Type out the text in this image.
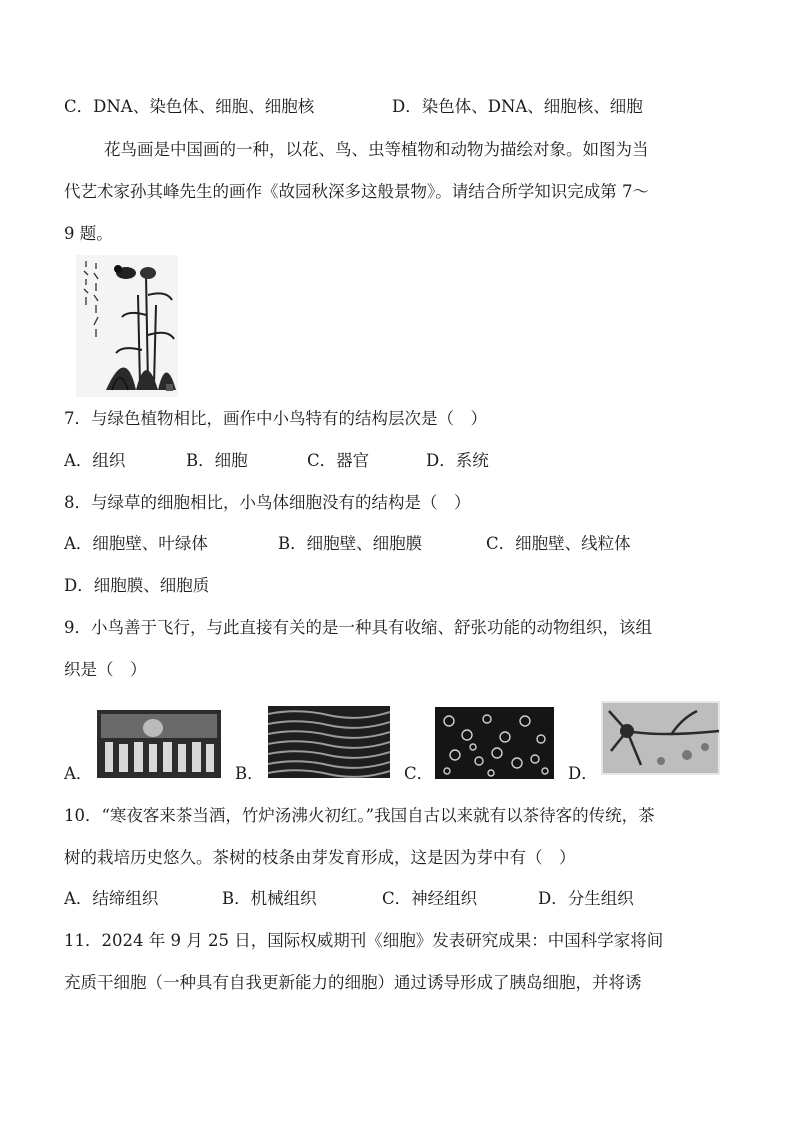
C．DNA、染色体、细胞、细胞核	D．染色体、DNA、细胞核、细胞
花鸟画是中国画的一种，以花、鸟、虫等植物和动物为描绘对象。如图为当
代艺术家孙其峰先生的画作《故园秋深多这般景物》。请结合所学知识完成第 7～
9 题。
7．与绿色植物相比，画作中小鸟特有的结构层次是（　）
A．组织	B．细胞	C．器官	D．系统
8．与绿草的细胞相比，小鸟体细胞没有的结构是（　）
A．细胞壁、叶绿体	B．细胞壁、细胞膜	C．细胞壁、线粒体
D．细胞膜、细胞质
9．小鸟善于飞行，与此直接有关的是一种具有收缩、舒张功能的动物组织，该组
织是（　）
A．	B．	C．	D．
10．“寒夜客来茶当酒，竹炉汤沸火初红。”我国自古以来就有以茶待客的传统，茶
树的栽培历史悠久。茶树的枝条由芽发育形成，这是因为芽中有（　）
A．结缔组织	B．机械组织	C．神经组织	D．分生组织
11．2024 年 9 月 25 日，国际权威期刊《细胞》发表研究成果：中国科学家将间
充质干细胞（一种具有自我更新能力的细胞）通过诱导形成了胰岛细胞，并将诱
